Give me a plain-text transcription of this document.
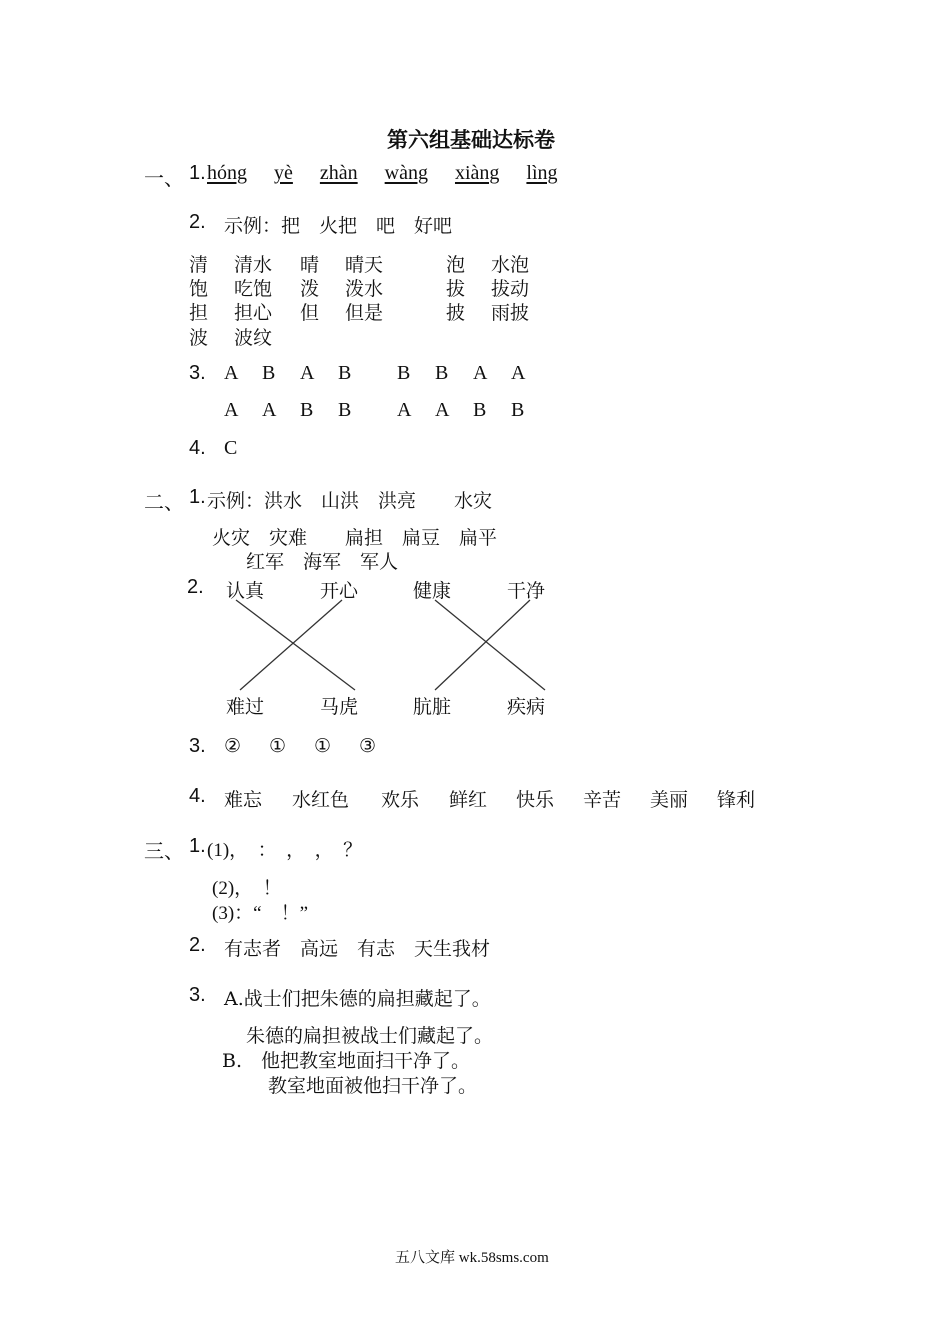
第六组基础达标卷
一、 1. hóng yè zhàn wàng xiàng lìng
2. 示例：把　火把　吧　好吧
清 清水 晴 晴天	泡 水泡
饱 吃饱 泼 泼水	拔 拔动
担 担心 但 但是	披 雨披
波 波纹
3. A B A B B B A A
A A B B A A B B
4. C
二、 1. 示例：洪水　山洪　洪亮　　水灾
火灾　灾难　　扁担　扁豆　扁平
红军　海军　军人
2. 认真	开心	健康	干净
难过	马虎	肮脏	疾病
3. ② ① ① ③
4. 难忘 水红色 欢乐 鲜红 快乐 辛苦 美丽 锋利
三、 1. (1)，　：　，　，　？
(2)，　！
(3)：“　！”
2. 有志者　高远　有志　天生我材
3. A.战士们把朱德的扁担藏起了。
朱德的扁担被战士们藏起了。
B.　他把教室地面扫干净了。
教室地面被他扫干净了。
五八文库 wk.58sms.com
